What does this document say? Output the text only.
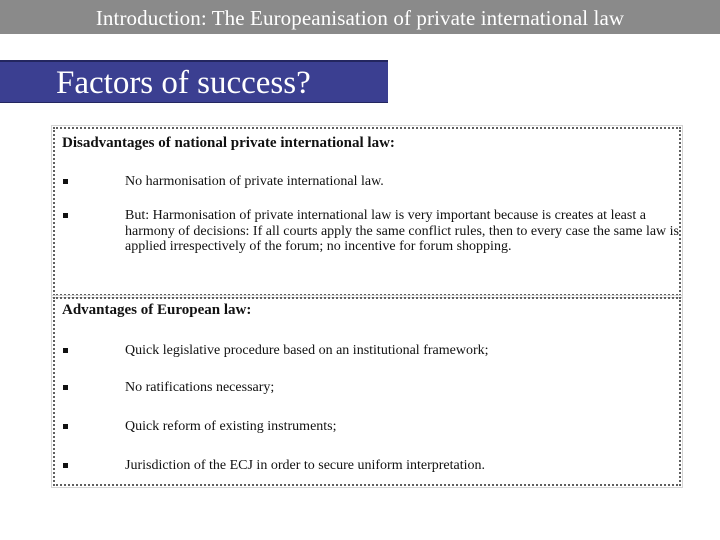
Introduction: The Europeanisation of private international law
Factors of success?
Disadvantages of national private international law:
No harmonisation of private international law.
But: Harmonisation of private international law is very important because is creates at least a harmony of decisions: If all courts apply the same conflict rules, then to every case the same law is applied irrespectively of the forum; no incentive for forum shopping.
Advantages of European law:
Quick legislative procedure based on an institutional framework;
No ratifications necessary;
Quick reform of existing instruments;
Jurisdiction of the ECJ in order to secure uniform interpretation.
